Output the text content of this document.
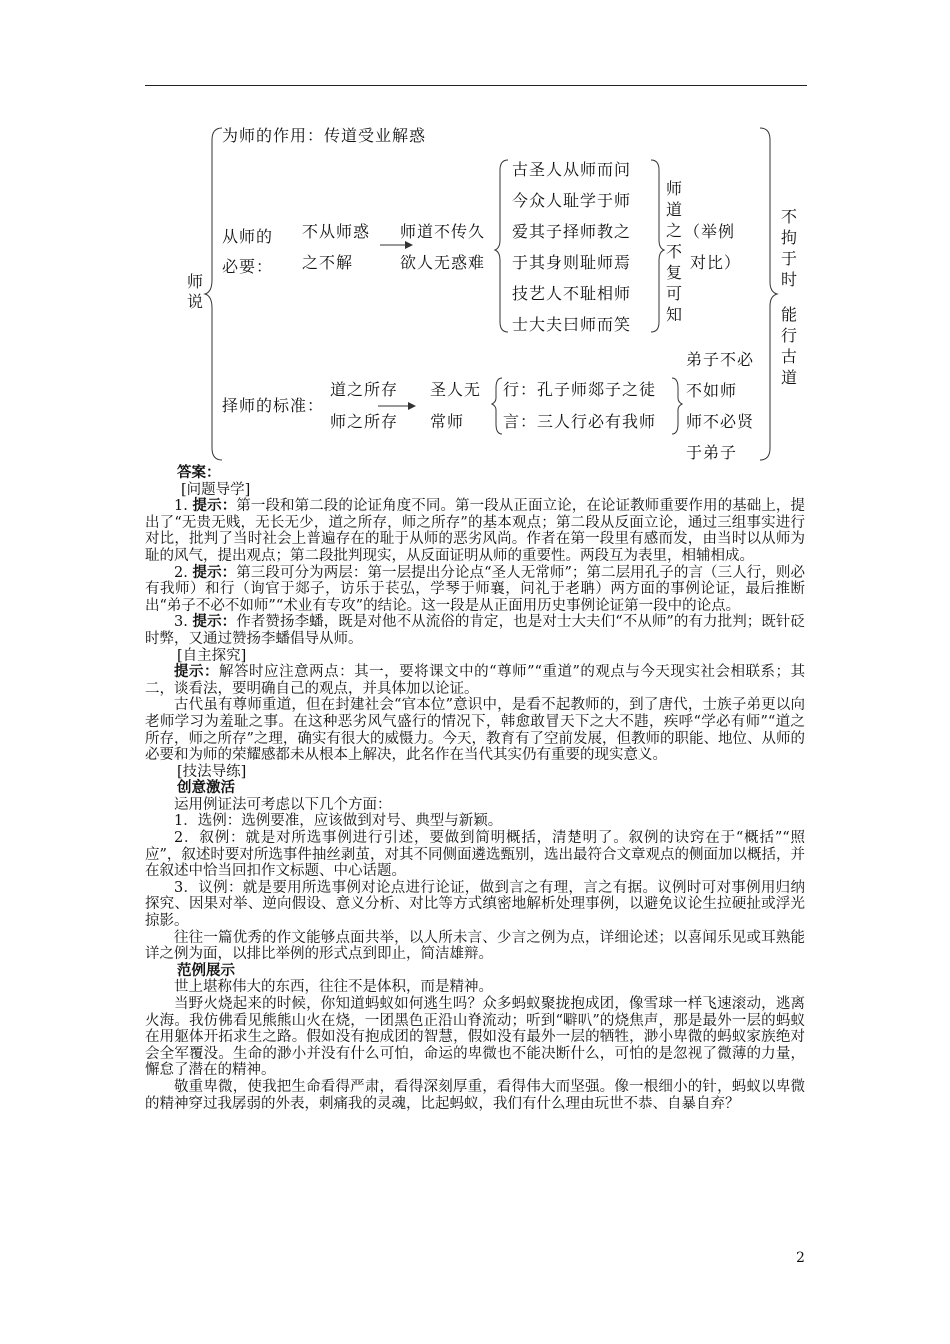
师说
为师的作用：传道受业解惑
从师的必要：
不从师惑
之不解
师道不传久
欲人无惑难
古圣人从师而问
今众人耻学于师
爱其子择师教之
于其身则耻师焉
技艺人不耻相师
士大夫曰师而笑
师道之不复可知
（举例
对比）
择师的标准：
道之所存
师之所存
圣人无
常师
行：孔子师郯子之徒
言：三人行必有我师
弟子不必
不如师
师不必贤
于弟子
不拘于时
能行古道

答案：

[问题导学]

1. 提示：第一段和第二段的论证角度不同。第一段从正面立论，在论证教师重要作用的基础上，提出了“无贵无贱，无长无少，道之所存，师之所存”的基本观点；第二段从反面立论，通过三组事实进行对比，批判了当时社会上普遍存在的耻于从师的恶劣风尚。作者在第一段里有感而发，由当时以从师为耻的风气，提出观点；第二段批判现实，从反面证明从师的重要性。两段互为表里，相辅相成。

2. 提示：第三段可分为两层：第一层提出分论点“圣人无常师”；第二层用孔子的言（三人行，则必有我师）和行（询官于郯子，访乐于苌弘，学琴于师襄，问礼于老聃）两方面的事例论证，最后推断出“弟子不必不如师”“术业有专攻”的结论。这一段是从正面用历史事例论证第一段中的论点。

3. 提示：作者赞扬李蟠，既是对他不从流俗的肯定，也是对士大夫们“不从师”的有力批判；既针砭时弊，又通过赞扬李蟠倡导从师。

[自主探究]

提示：解答时应注意两点：其一，要将课文中的“尊师”“重道”的观点与今天现实社会相联系；其二，谈看法，要明确自己的观点，并具体加以论证。

古代虽有尊师重道，但在封建社会“官本位”意识中，是看不起教师的，到了唐代，士族子弟更以向老师学习为羞耻之事。在这种恶劣风气盛行的情况下，韩愈敢冒天下之大不韪，疾呼“学必有师”“道之所存，师之所存”之理，确实有很大的威慑力。今天，教育有了空前发展，但教师的职能、地位、从师的必要和为师的荣耀感都未从根本上解决，此名作在当代其实仍有重要的现实意义。

[技法导练]

创意激活

运用例证法可考虑以下几个方面：

1．选例：选例要准，应该做到对号、典型与新颖。

2．叙例：就是对所选事例进行引述，要做到简明概括，清楚明了。叙例的诀窍在于“概括”“照应”，叙述时要对所选事件抽丝剥茧，对其不同侧面遴选甄别，选出最符合文章观点的侧面加以概括，并在叙述中恰当回扣作文标题、中心话题。

3．议例：就是要用所选事例对论点进行论证，做到言之有理，言之有据。议例时可对事例用归纳探究、因果对举、逆向假设、意义分析、对比等方式缜密地解析处理事例，以避免议论生拉硬扯或浮光掠影。

往往一篇优秀的作文能够点面共举，以人所未言、少言之例为点，详细论述；以喜闻乐见或耳熟能详之例为面，以排比举例的形式点到即止，简洁雄辩。

范例展示

世上堪称伟大的东西，往往不是体积，而是精神。

当野火烧起来的时候，你知道蚂蚁如何逃生吗？众多蚂蚁聚拢抱成团，像雪球一样飞速滚动，逃离火海。我仿佛看见熊熊山火在烧，一团黑色正沿山脊流动；听到“噼叭”的烧焦声，那是最外一层的蚂蚁在用躯体开拓求生之路。假如没有抱成团的智慧，假如没有最外一层的牺牲，渺小卑微的蚂蚁家族绝对会全军覆没。生命的渺小并没有什么可怕，命运的卑微也不能决断什么，可怕的是忽视了微薄的力量，懈怠了潜在的精神。

敬重卑微，使我把生命看得严肃，看得深刻厚重，看得伟大而坚强。像一根细小的针，蚂蚁以卑微的精神穿过我孱弱的外表，刺痛我的灵魂，比起蚂蚁，我们有什么理由玩世不恭、自暴自弃？

2
